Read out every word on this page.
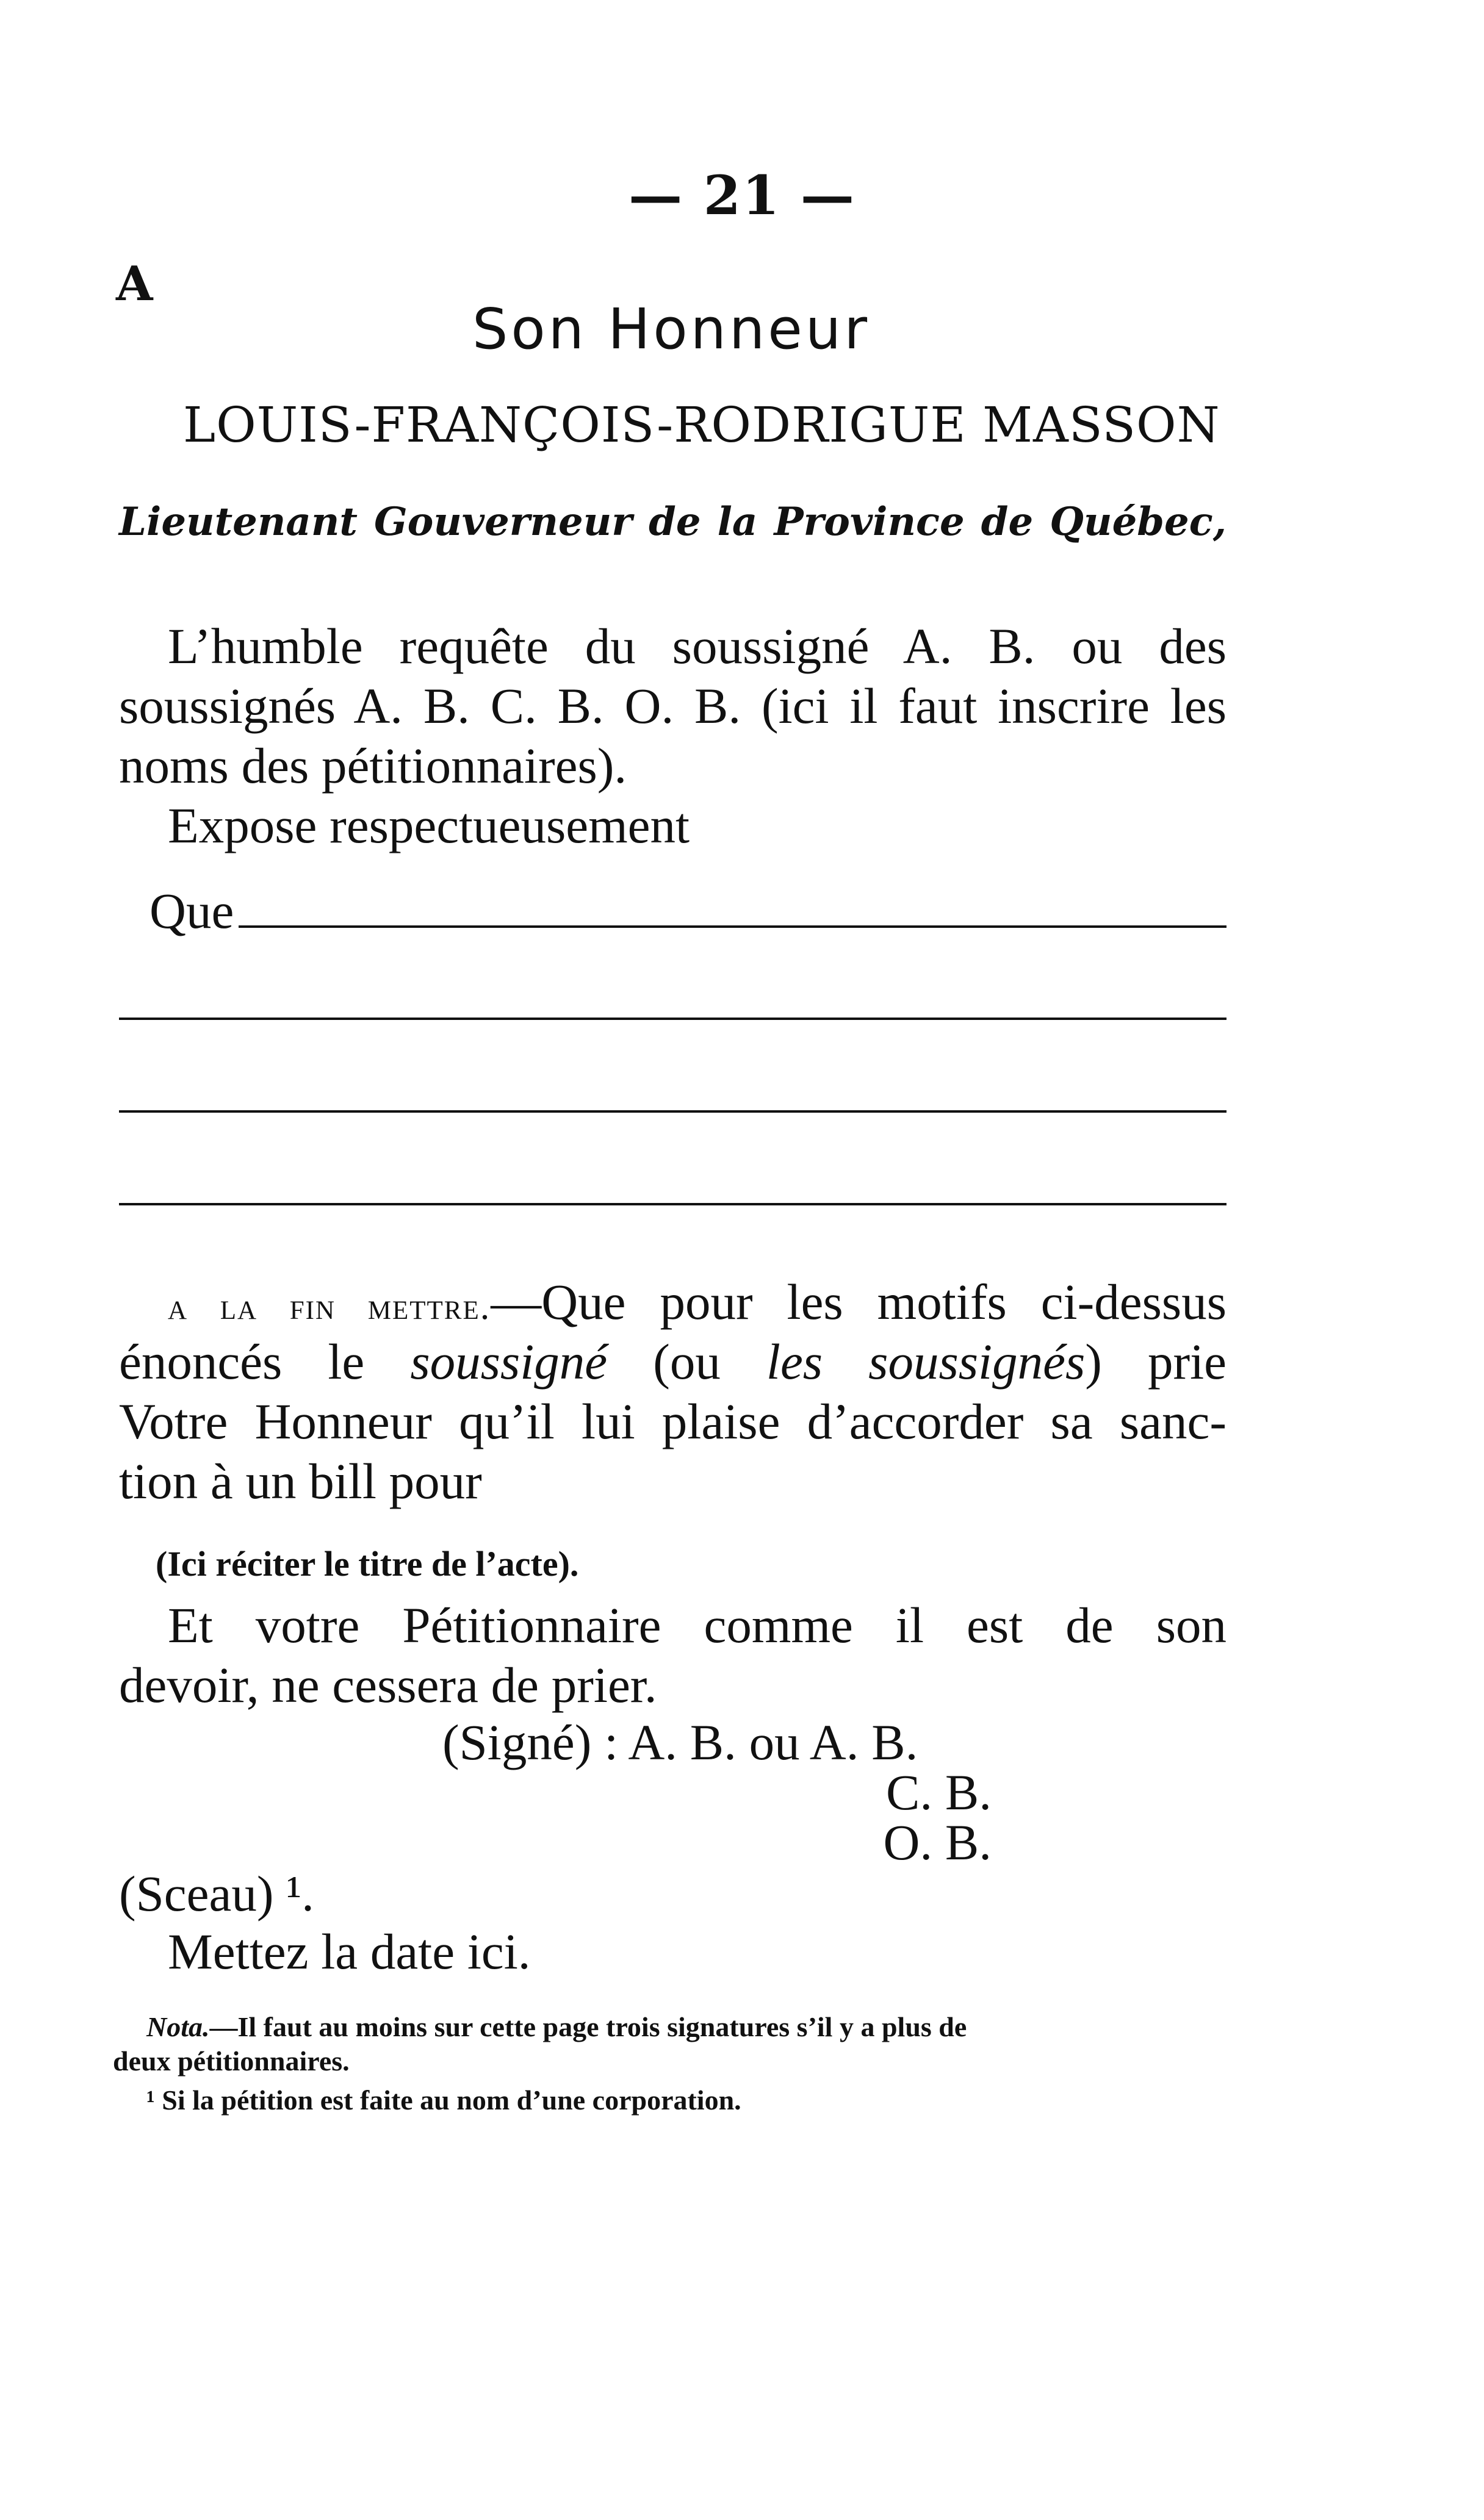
— 21 —
A
Son Honneur
LOUIS-FRANÇOIS-RODRIGUE MASSON
Lieutenant Gouverneur de la Province de Québec,
L’humble requête du soussigné A. B. ou des
soussignés A. B. C. B. O. B. (ici il faut inscrire les
noms des pétitionnaires).
Expose respectueusement
Que
a la fin mettre.—Que pour les motifs ci-dessus
énoncés le soussigné (ou les soussignés) prie
Votre Honneur qu’il lui plaise d’accorder sa sanc-
tion à un bill pour
(Ici réciter le titre de l’acte).
Et votre Pétitionnaire comme il est de son
devoir, ne cessera de prier.
(Signé) : A. B. ou A. B.
C. B.
O. B.
(Sceau) ¹.
Mettez la date ici.
Nota.—Il faut au moins sur cette page trois signatures s’il y a plus de
deux pétitionnaires.
¹ Si la pétition est faite au nom d’une corporation.
